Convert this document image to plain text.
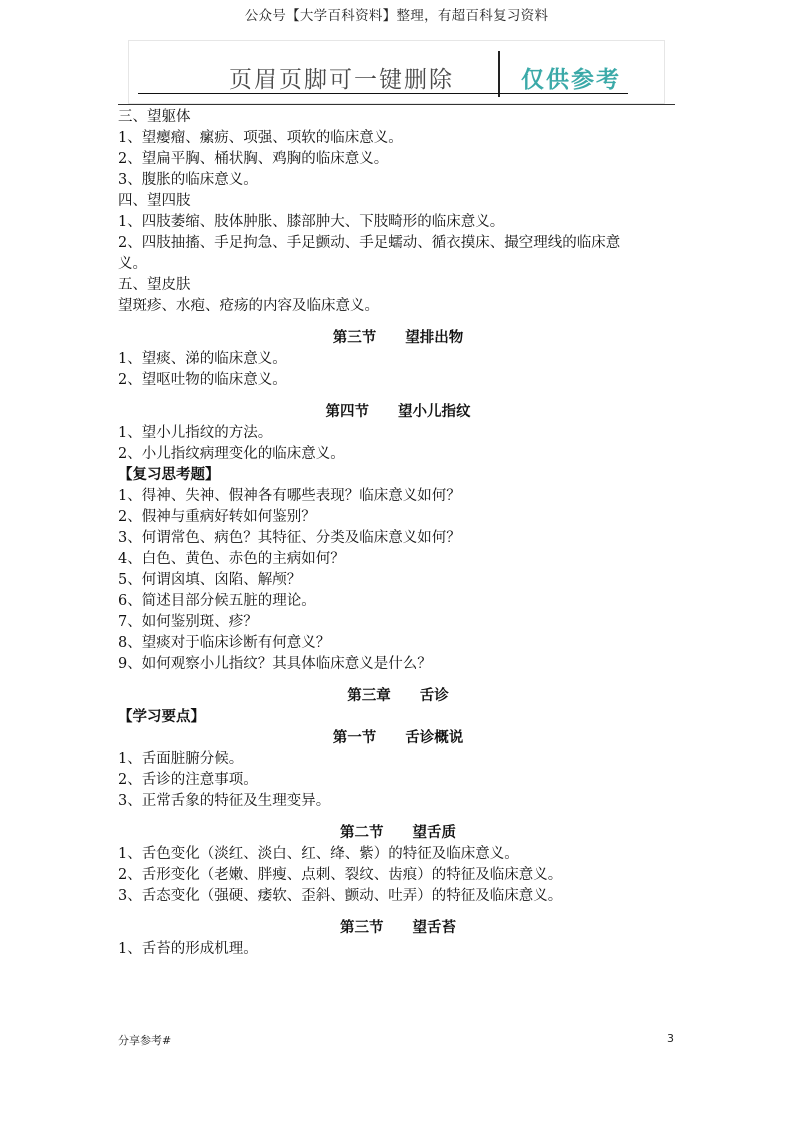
公众号【大学百科资料】整理，有超百科复习资料
页眉页脚可一键删除	仅供参考

三、望躯体

1、望瘿瘤、瘰疬、项强、项软的临床意义。

2、望扁平胸、桶状胸、鸡胸的临床意义。

3、腹胀的临床意义。

四、望四肢

1、四肢萎缩、肢体肿胀、膝部肿大、下肢畸形的临床意义。

2、四肢抽搐、手足拘急、手足颤动、手足蠕动、循衣摸床、撮空理线的临床意

义。

五、望皮肤

望斑疹、水疱、疮疡的内容及临床意义。

第三节　　望排出物

1、望痰、涕的临床意义。

2、望呕吐物的临床意义。

第四节　　望小儿指纹

1、望小儿指纹的方法。

2、小儿指纹病理变化的临床意义。

【复习思考题】

1、得神、失神、假神各有哪些表现？临床意义如何？

2、假神与重病好转如何鉴别？

3、何谓常色、病色？其特征、分类及临床意义如何？

4、白色、黄色、赤色的主病如何？

5、何谓囟填、囟陷、解颅？

6、简述目部分候五脏的理论。

7、如何鉴别斑、疹？

8、望痰对于临床诊断有何意义？

9、如何观察小儿指纹？其具体临床意义是什么？

第三章　　舌诊

【学习要点】

第一节　　舌诊概说

1、舌面脏腑分候。

2、舌诊的注意事项。

3、正常舌象的特征及生理变异。

第二节　　望舌质

1、舌色变化（淡红、淡白、红、绛、紫）的特征及临床意义。

2、舌形变化（老嫩、胖瘦、点刺、裂纹、齿痕）的特征及临床意义。

3、舌态变化（强硬、痿软、歪斜、颤动、吐弄）的特征及临床意义。

第三节　　望舌苔

1、舌苔的形成机理。

分享参考#	3
